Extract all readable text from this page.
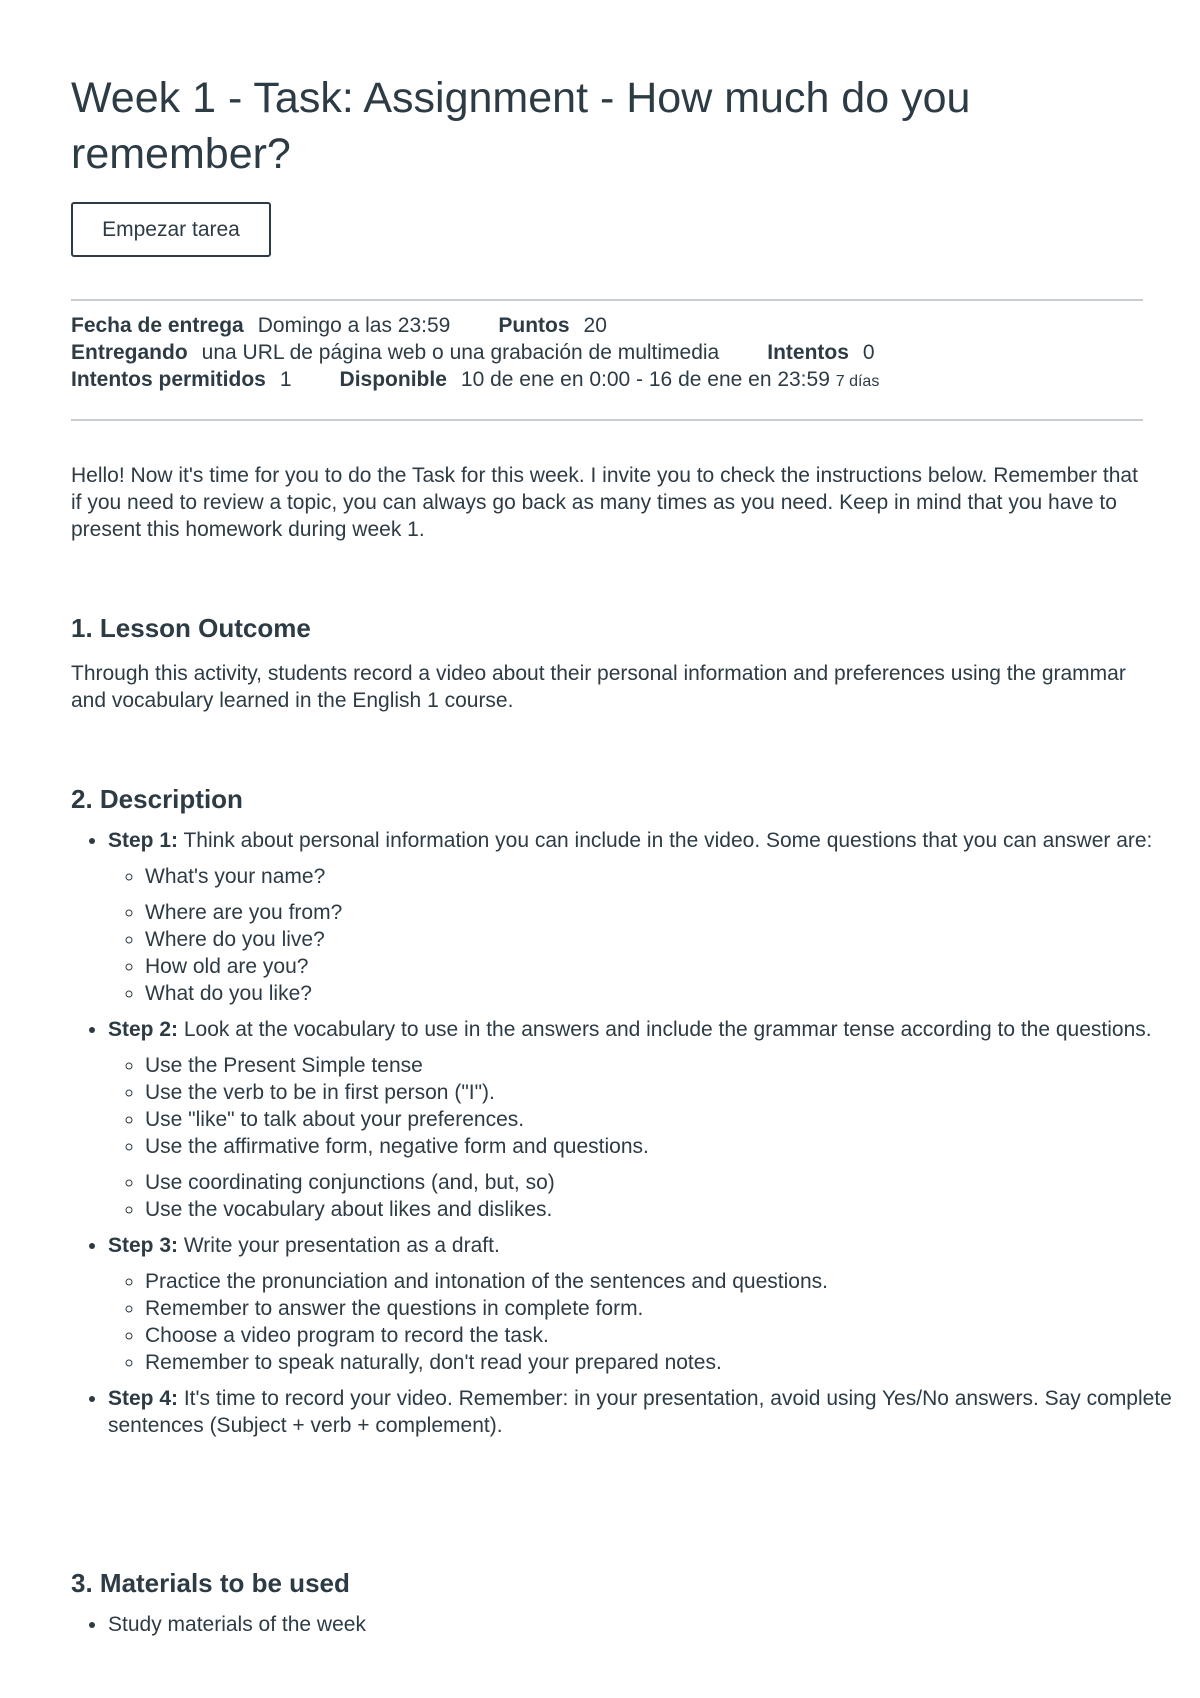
Week 1 - Task: Assignment - How much do you remember?
Empezar tarea
Fecha de entrega Domingo a las 23:59 Puntos 20
Entregando una URL de página web o una grabación de multimedia Intentos 0
Intentos permitidos 1 Disponible 10 de ene en 0:00 - 16 de ene en 23:59 7 días

Hello! Now it's time for you to do the Task for this week. I invite you to check the instructions below. Remember that if you need to review a topic, you can always go back as many times as you need. Keep in mind that you have to present this homework during week 1.

1. Lesson Outcome

Through this activity, students record a video about their personal information and preferences using the grammar and vocabulary learned in the English 1 course.

2. Description
• Step 1: Think about personal information you can include in the video. Some questions that you can answer are:
◦ What's your name?
◦ Where are you from?
◦ Where do you live?
◦ How old are you?
◦ What do you like?
• Step 2: Look at the vocabulary to use in the answers and include the grammar tense according to the questions.
◦ Use the Present Simple tense
◦ Use the verb to be in first person ("I").
◦ Use "like" to talk about your preferences.
◦ Use the affirmative form, negative form and questions.
◦ Use coordinating conjunctions (and, but, so)
◦ Use the vocabulary about likes and dislikes.
• Step 3: Write your presentation as a draft.
◦ Practice the pronunciation and intonation of the sentences and questions.
◦ Remember to answer the questions in complete form.
◦ Choose a video program to record the task.
◦ Remember to speak naturally, don't read your prepared notes.
• Step 4: It's time to record your video. Remember: in your presentation, avoid using Yes/No answers. Say complete sentences (Subject + verb + complement).
3. Materials to be used
• Study materials of the week
